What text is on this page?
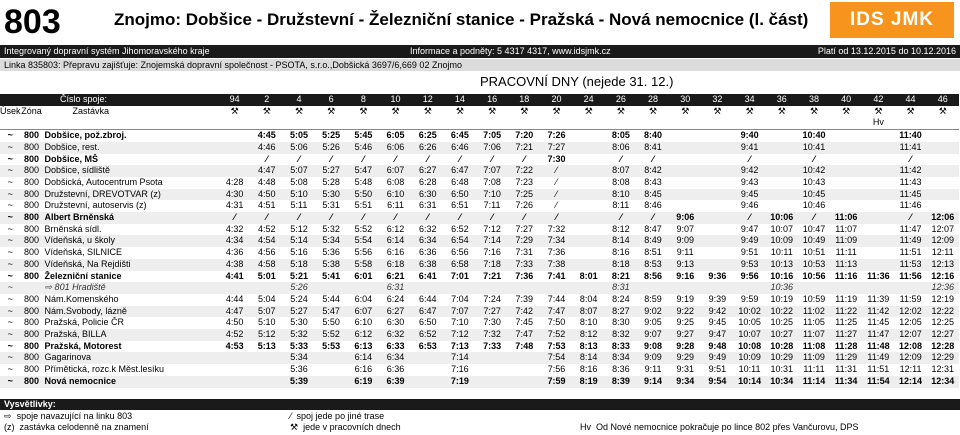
803	Znojmo: Dobšice - Družstevní - Železniční stanice - Pražská - Nová nemocnice (l. část) IDS JMK
Integrovaný dopravní systém Jihomoravského kraje	Informace a podněty: 5 4317 4317, www.idsjmk.cz	Platí od 13.12.2015 do 10.12.2016
Linka 835803: Přepravu zajišťuje: Znojemská dopravní společnost - PSOTA, s.r.o.,Dobšická 3697/6,669 02 Znojmo
PRACOVNÍ DNY (nejede 31. 12.)
Číslo spoje:			94	2	4	6	8	10	12	14	16	18	20	24	26	28	30	32	34	36	38	40	42	44	46
Úsek	Zóna	Zastávka	⚒	⚒	⚒	⚒	⚒	⚒	⚒	⚒	⚒	⚒	⚒	⚒	⚒	⚒	⚒	⚒	⚒	⚒	⚒	⚒	⚒	⚒	⚒
																							Hv		
~	800	Dobšice, pož.zbroj.		4:45	5:05	5:25	5:45	6:05	6:25	6:45	7:05	7:20	7:26		8:05	8:40			9:40		10:40			11:40	
~	800	Dobšice, rest.		4:46	5:06	5:26	5:46	6:06	6:26	6:46	7:06	7:21	7:27		8:06	8:41			9:41		10:41			11:41	
~	800	Dobšice, MŠ		⁄	⁄	⁄	⁄	⁄	⁄	⁄	⁄	⁄	7:30		⁄	⁄			⁄		⁄			⁄	
~	800	Dobšice, sídliště		4:47	5:07	5:27	5:47	6:07	6:27	6:47	7:07	7:22	⁄		8:07	8:42			9:42		10:42			11:42	
~	800	Dobšická, Autocentrum Psota	4:28	4:48	5:08	5:28	5:48	6:08	6:28	6:48	7:08	7:23	⁄		8:08	8:43			9:43		10:43			11:43	
~	800	Družstevní, DREVOTVAR (z)	4:30	4:50	5:10	5:30	5:50	6:10	6:30	6:50	7:10	7:25	⁄		8:10	8:45			9:45		10:45			11:45	
~	800	Družstevní, autoservis (z)	4:31	4:51	5:11	5:31	5:51	6:11	6:31	6:51	7:11	7:26	⁄		8:11	8:46			9:46		10:46			11:46	
~	800	Albert Brněnská	⁄	⁄	⁄	⁄	⁄	⁄	⁄	⁄	⁄	⁄	⁄		⁄	⁄	9:06		⁄	10:06	⁄	11:06		⁄	12:06
~	800	Brněnská sídl.	4:32	4:52	5:12	5:32	5:52	6:12	6:32	6:52	7:12	7:27	7:32		8:12	8:47	9:07		9:47	10:07	10:47	11:07		11:47	12:07
~	800	Vídeňská, u školy	4:34	4:54	5:14	5:34	5:54	6:14	6:34	6:54	7:14	7:29	7:34		8:14	8:49	9:09		9:49	10:09	10:49	11:09		11:49	12:09
~	800	Vídeňská, SILNICE	4:36	4:56	5:16	5:36	5:56	6:16	6:36	6:56	7:16	7:31	7:36		8:16	8:51	9:11		9:51	10:11	10:51	11:11		11:51	12:11
~	800	Vídeňská, Na Rejdišti	4:38	4:58	5:18	5:38	5:58	6:18	6:38	6:58	7:18	7:33	7:38		8:18	8:53	9:13		9:53	10:13	10:53	11:13		11:53	12:13
~	800	Železniční stanice	4:41	5:01	5:21	5:41	6:01	6:21	6:41	7:01	7:21	7:36	7:41	8:01	8:21	8:56	9:16	9:36	9:56	10:16	10:56	11:16	11:36	11:56	12:16
~		⇨ 801 Hradiště			5:26			6:31							8:31					10:36					12:36
~	800	Nám.Komenského	4:44	5:04	5:24	5:44	6:04	6:24	6:44	7:04	7:24	7:39	7:44	8:04	8:24	8:59	9:19	9:39	9:59	10:19	10:59	11:19	11:39	11:59	12:19
~	800	Nám.Svobody, lázně	4:47	5:07	5:27	5:47	6:07	6:27	6:47	7:07	7:27	7:42	7:47	8:07	8:27	9:02	9:22	9:42	10:02	10:22	11:02	11:22	11:42	12:02	12:22
~	800	Pražská, Policie ČR	4:50	5:10	5:30	5:50	6:10	6:30	6:50	7:10	7:30	7:45	7:50	8:10	8:30	9:05	9:25	9:45	10:05	10:25	11:05	11:25	11:45	12:05	12:25
~	800	Pražská, BILLA	4:52	5:12	5:32	5:52	6:12	6:32	6:52	7:12	7:32	7:47	7:52	8:12	8:32	9:07	9:27	9:47	10:07	10:27	11:07	11:27	11:47	12:07	12:27
~	800	Pražská, Motorest	4:53	5:13	5:33	5:53	6:13	6:33	6:53	7:13	7:33	7:48	7:53	8:13	8:33	9:08	9:28	9:48	10:08	10:28	11:08	11:28	11:48	12:08	12:28
~	800	Gagarinova			5:34		6:14	6:34		7:14			7:54	8:14	8:34	9:09	9:29	9:49	10:09	10:29	11:09	11:29	11:49	12:09	12:29
~	800	Přímětická, rozc.k Měst.lesíku			5:36		6:16	6:36		7:16			7:56	8:16	8:36	9:11	9:31	9:51	10:11	10:31	11:11	11:31	11:51	12:11	12:31
~	800	Nová nemocnice			5:39		6:19	6:39		7:19			7:59	8:19	8:39	9:14	9:34	9:54	10:14	10:34	11:14	11:34	11:54	12:14	12:34
Vysvětlivky:
⇨ spoje navazující na linku 803
(z) zastávka celodenně na znamení
⁄ spoj jede po jiné trase
⚒ jede v pracovních dnech	Hv Od Nové nemocnice pokračuje po lince 802 přes Vančurovu, DPS
